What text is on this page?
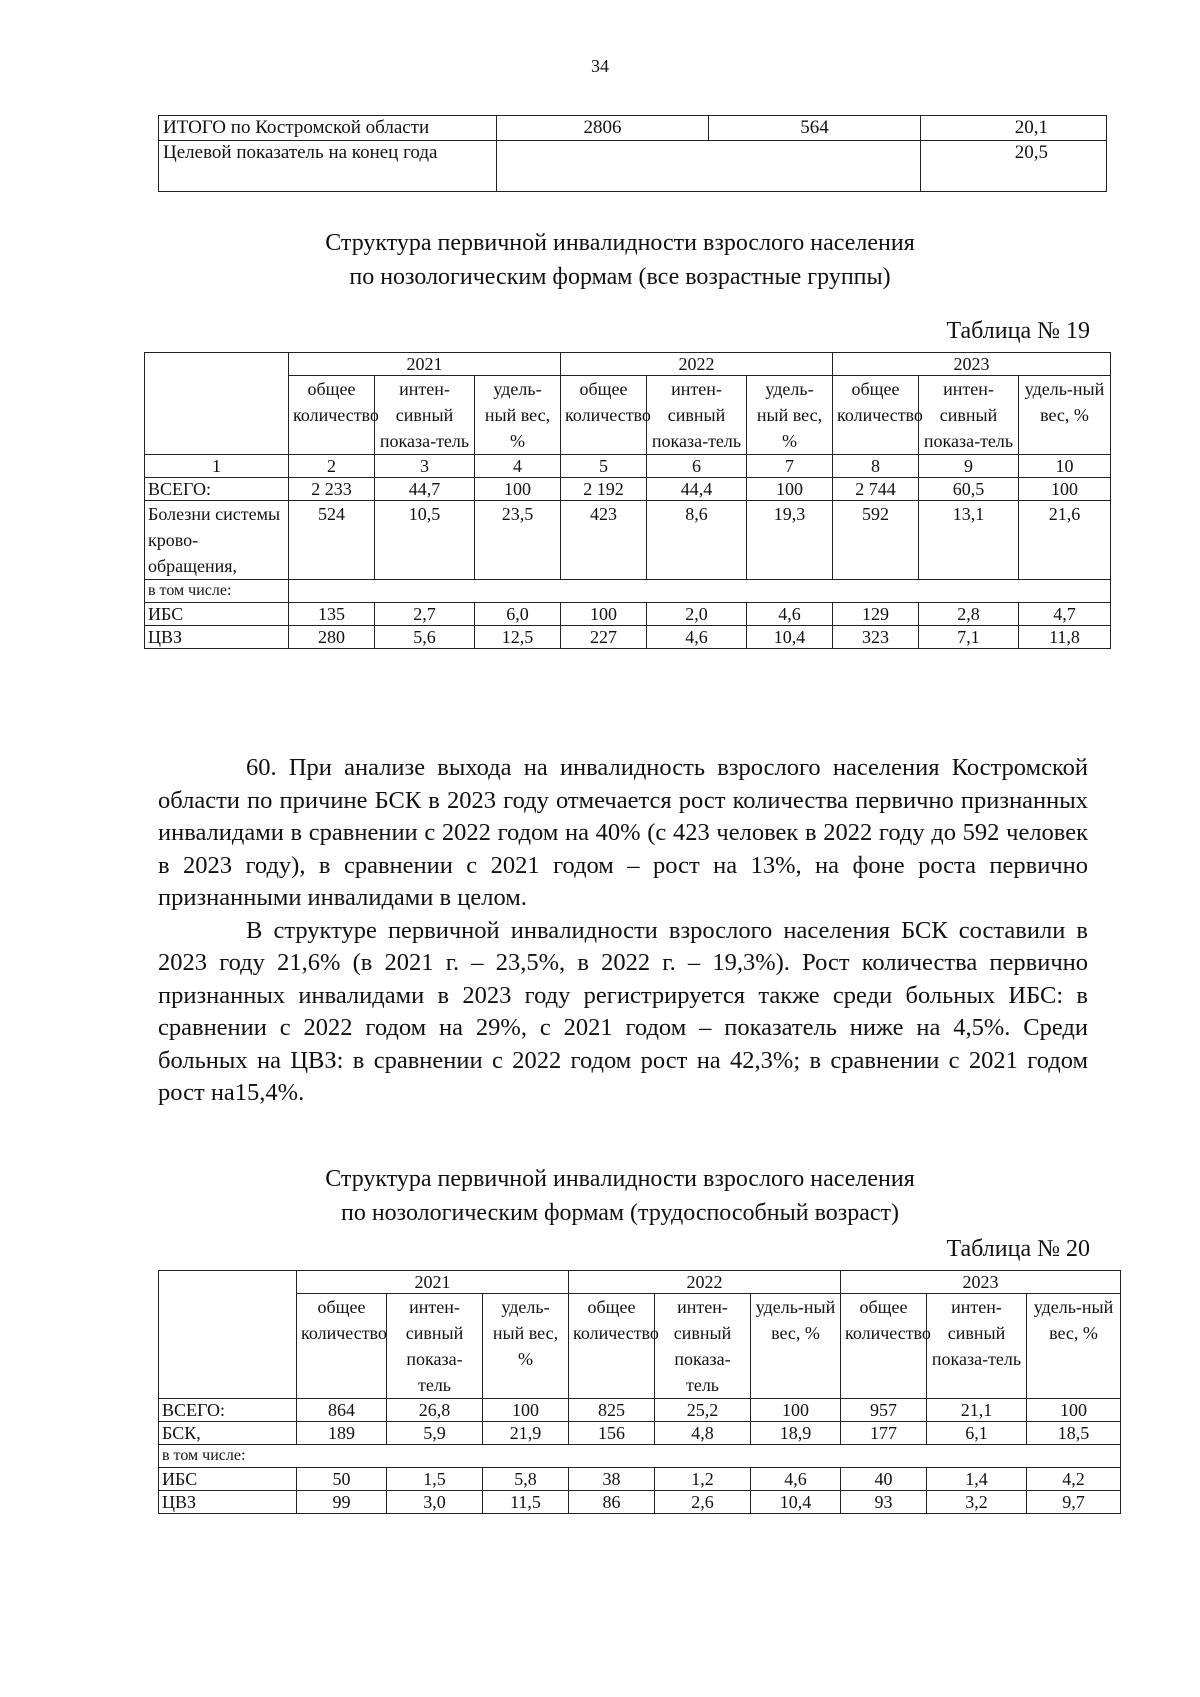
34
ИТОГО по Костромской области	2806	564	20,1
Целевой показатель на конец года			20,5
Структура первичной инвалидности взрослого населения
по нозологическим формам (все возрастные группы)
Таблица № 19
	2021			2022			2023		
	общее количество	интен-сивный показа-тель	удель-ный вес, %	общее количество	интен-сивный показа-тель	удель-ный вес, %	общее количество	интен-сивный показа-тель	удель-ный вес, %
1	2	3	4	5	6	7	8	9	10
ВСЕГО:	2 233	44,7	100	2 192	44,4	100	2 744	60,5	100
Болезни системы крово-обращения,	524	10,5	23,5	423	8,6	19,3	592	13,1	21,6
в том числе:									
ИБС	135	2,7	6,0	100	2,0	4,6	129	2,8	4,7
ЦВЗ	280	5,6	12,5	227	4,6	10,4	323	7,1	11,8

60. При анализе выхода на инвалидность взрослого населения Костромской области по причине БСК в 2023 году отмечается рост количества первично признанных инвалидами в сравнении с 2022 годом на 40% (с 423 человек в 2022 году до 592 человек в 2023 году), в сравнении с 2021 годом – рост на 13%, на фоне роста первично признанными инвалидами в целом.

В структуре первичной инвалидности взрослого населения БСК составили в 2023 году 21,6% (в 2021 г. – 23,5%, в 2022 г. – 19,3%). Рост количества первично признанных инвалидами в 2023 году регистрируется также среди больных ИБС: в сравнении с 2022 годом на 29%, с 2021 годом – показатель ниже на 4,5%. Среди больных на ЦВЗ: в сравнении с 2022 годом рост на 42,3%; в сравнении с 2021 годом рост на15,4%.

Структура первичной инвалидности взрослого населения
по нозологическим формам (трудоспособный возраст)
Таблица № 20
	2021			2022			2023		
	общее количество	интен-сивный показа-тель	удель-ный вес, %	общее количество	интен-сивный показа-тель	удель-ный вес, %	общее количество	интен-сивный показа-тель	удель-ный вес, %
ВСЕГО:	864	26,8	100	825	25,2	100	957	21,1	100
БСК,	189	5,9	21,9	156	4,8	18,9	177	6,1	18,5
в том числе:									
ИБС	50	1,5	5,8	38	1,2	4,6	40	1,4	4,2
ЦВЗ	99	3,0	11,5	86	2,6	10,4	93	3,2	9,7
